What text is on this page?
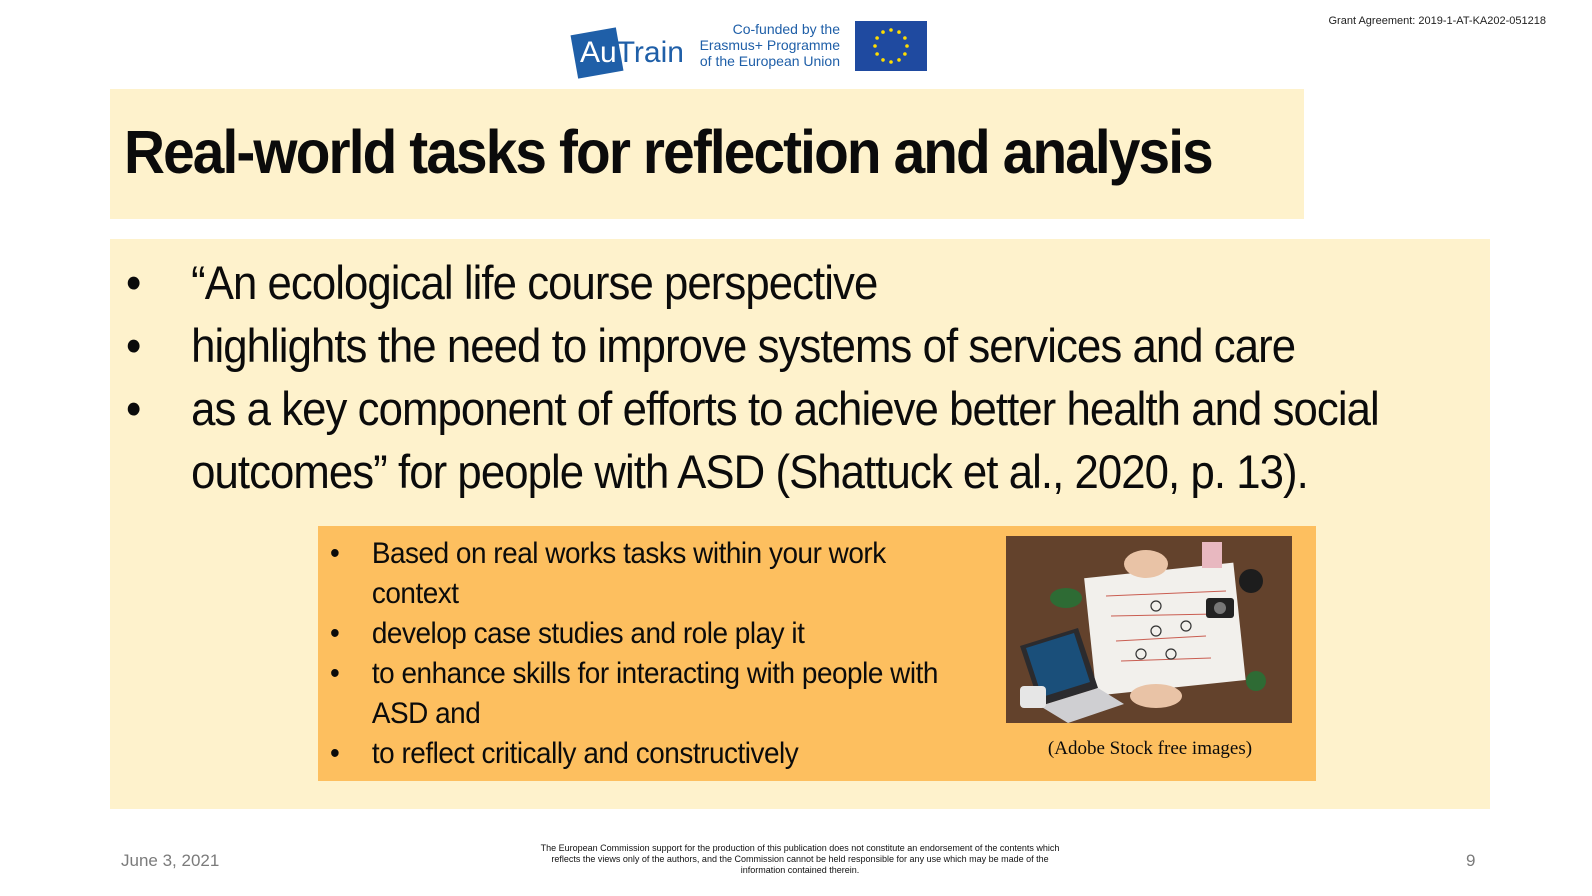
Grant Agreement: 2019-1-AT-KA202-051218
AuTrain
Co-funded by the
Erasmus+ Programme
of the European Union
Real-world tasks for reflection and analysis
•	“An ecological life course perspective
•	highlights the need to improve systems of services and care
•	as a key component of efforts to achieve better health and social outcomes” for people with ASD (Shattuck et al., 2020, p. 13).
•	Based on real works tasks within your work context
•	develop case studies and role play it
•	to enhance skills for interacting with people with ASD and
•	to reflect critically and constructively	(Adobe Stock free images)
June 3, 2021
The European Commission support for the production of this publication does not constitute an endorsement of the contents which reflects the views only of the authors, and the Commission cannot be held responsible for any use which may be made of the information contained therein.	9
